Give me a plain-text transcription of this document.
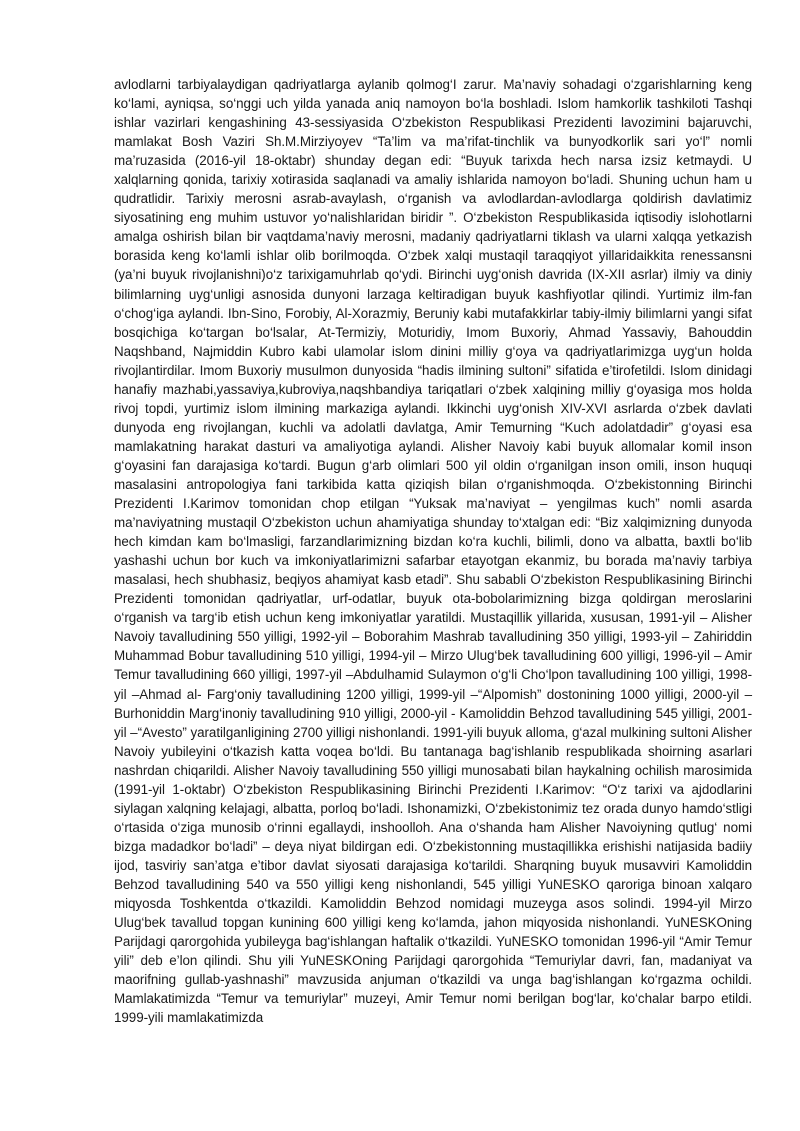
avlodlarni tarbiyalaydigan qadriyatlarga aylanib qolmog‘I zarur. Ma’naviy sohadagi o‘zgarishlarning keng ko‘lami, ayniqsa, so‘nggi uch yilda yanada aniq namoyon bo‘la boshladi. Islom hamkorlik tashkiloti Tashqi ishlar vazirlari kengashining 43-sessiyasida O‘zbekiston Respublikasi Prezidenti lavozimini bajaruvchi, mamlakat Bosh Vaziri Sh.M.Mirziyoyev “Ta’lim va ma’rifat-tinchlik va bunyodkorlik sari yo‘l” nomli ma’ruzasida (2016-yil 18-oktabr) shunday degan edi: “Buyuk tarixda hech narsa izsiz ketmaydi. U xalqlarning qonida, tarixiy xotirasida saqlanadi va amaliy ishlarida namoyon bo‘ladi. Shuning uchun ham u qudratlidir. Tarixiy merosni asrab-avaylash, o‘rganish va avlodlardan-avlodlarga qoldirish davlatimiz siyosatining eng muhim ustuvor yo‘nalishlaridan biridir ”. O‘zbekiston Respublikasida iqtisodiy islohotlarni amalga oshirish bilan bir vaqtdama’naviy merosni, madaniy qadriyatlarni tiklash va ularni xalqqa yetkazish borasida keng ko‘lamli ishlar olib borilmoqda. O‘zbek xalqi mustaqil taraqqiyot yillaridaikkita renessansni (ya’ni buyuk rivojlanishni)o‘z tarixigamuhrlab qo‘ydi. Birinchi uyg‘onish davrida (IX-XII asrlar) ilmiy va diniy bilimlarning uyg‘unligi asnosida dunyoni larzaga keltiradigan buyuk kashfiyotlar qilindi. Yurtimiz ilm-fan o‘chog‘iga aylandi. Ibn-Sino, Forobiy, Al-Xorazmiy, Beruniy kabi mutafakkirlar tabiy-ilmiy bilimlarni yangi sifat bosqichiga ko‘targan bo‘lsalar, At-Termiziy, Moturidiy, Imom Buxoriy, Ahmad Yassaviy, Bahouddin Naqshband, Najmiddin Kubro kabi ulamolar islom dinini milliy g‘oya va qadriyatlarimizga uyg‘un holda rivojlantirdilar. Imom Buxoriy musulmon dunyosida “hadis ilmining sultoni” sifatida e’tirofetildi. Islom dinidagi hanafiy mazhabi,yassaviya,kubroviya,naqshbandiya tariqatlari o‘zbek xalqining milliy g‘oyasiga mos holda rivoj topdi, yurtimiz islom ilmining markaziga aylandi. Ikkinchi uyg‘onish XIV-XVI asrlarda o‘zbek davlati dunyoda eng rivojlangan, kuchli va adolatli davlatga, Amir Temurning “Kuch adolatdadir” g‘oyasi esa mamlakatning harakat dasturi va amaliyotiga aylandi. Alisher Navoiy kabi buyuk allomalar komil inson g‘oyasini fan darajasiga ko‘tardi. Bugun g‘arb olimlari 500 yil oldin o‘rganilgan inson omili, inson huquqi masalasini antropologiya fani tarkibida katta qiziqish bilan o‘rganishmoqda. O‘zbekistonning Birinchi Prezidenti I.Karimov tomonidan chop etilgan “Yuksak ma’naviyat – yengilmas kuch” nomli asarda ma’naviyatning mustaqil O‘zbekiston uchun ahamiyatiga shunday to‘xtalgan edi: “Biz xalqimizning dunyoda hech kimdan kam bo‘lmasligi, farzandlarimizning bizdan ko‘ra kuchli, bilimli, dono va albatta, baxtli bo‘lib yashashi uchun bor kuch va imkoniyatlarimizni safarbar etayotgan ekanmiz, bu borada ma’naviy tarbiya masalasi, hech shubhasiz, beqiyos ahamiyat kasb etadi”. Shu sababli O‘zbekiston Respublikasining Birinchi Prezidenti tomonidan qadriyatlar, urf-odatlar, buyuk ota-bobolarimizning bizga qoldirgan meroslarini o‘rganish va targ‘ib etish uchun keng imkoniyatlar yaratildi. Mustaqillik yillarida, xususan, 1991-yil – Alisher Navoiy tavalludining 550 yilligi, 1992-yil – Boborahim Mashrab tavalludining 350 yilligi, 1993-yil – Zahiriddin Muhammad Bobur tavalludining 510 yilligi, 1994-yil – Mirzo Ulug‘bek tavalludining 600 yilligi, 1996-yil – Amir Temur tavalludining 660 yilligi, 1997-yil –Abdulhamid Sulaymon o‘g‘li Cho‘lpon tavalludining 100 yilligi, 1998-yil –Ahmad al- Farg‘oniy tavalludining 1200 yilligi, 1999-yil –“Alpomish” dostonining 1000 yilligi, 2000-yil – Burhoniddin Marg‘inoniy tavalludining 910 yilligi, 2000-yil - Kamoliddin Behzod tavalludining 545 yilligi, 2001- yil –“Avesto” yaratilganligining 2700 yilligi nishonlandi. 1991-yili buyuk alloma, g‘azal mulkining sultoni Alisher Navoiy yubileyini o‘tkazish katta voqea bo‘ldi. Bu tantanaga bag‘ishlanib respublikada shoirning asarlari nashrdan chiqarildi. Alisher Navoiy tavalludining 550 yilligi munosabati bilan haykalning ochilish marosimida (1991-yil 1-oktabr) O‘zbekiston Respublikasining Birinchi Prezidenti I.Karimov: “O‘z tarixi va ajdodlarini siylagan xalqning kelajagi, albatta, porloq bo‘ladi. Ishonamizki, O‘zbekistonimiz tez orada dunyo hamdo‘stligi o‘rtasida o‘ziga munosib o‘rinni egallaydi, inshoolloh. Ana o‘shanda ham Alisher Navoiyning qutlug‘ nomi bizga madadkor bo‘ladi” – deya niyat bildirgan edi. O‘zbekistonning mustaqillikka erishishi natijasida badiiy ijod, tasviriy san’atga e’tibor davlat siyosati darajasiga ko‘tarildi. Sharqning buyuk musavviri Kamoliddin Behzod tavalludining 540 va 550 yilligi keng nishonlandi, 545 yilligi YuNESKO qaroriga binoan xalqaro miqyosda Toshkentda o‘tkazildi. Kamoliddin Behzod nomidagi muzeyga asos solindi. 1994-yil Mirzo Ulug‘bek tavallud topgan kunining 600 yilligi keng ko‘lamda, jahon miqyosida nishonlandi. YuNESKOning Parijdagi qarorgohida yubileyga bag‘ishlangan haftalik o‘tkazildi. YuNESKO tomonidan 1996-yil “Amir Temur yili” deb e’lon qilindi. Shu yili YuNESKOning Parijdagi qarorgohida “Temuriylar davri, fan, madaniyat va maorifning gullab-yashnashi” mavzusida anjuman o‘tkazildi va unga bag‘ishlangan ko‘rgazma ochildi. Mamlakatimizda “Temur va temuriylar” muzeyi, Amir Temur nomi berilgan bog‘lar, ko‘chalar barpo etildi. 1999-yili mamlakatimizda
